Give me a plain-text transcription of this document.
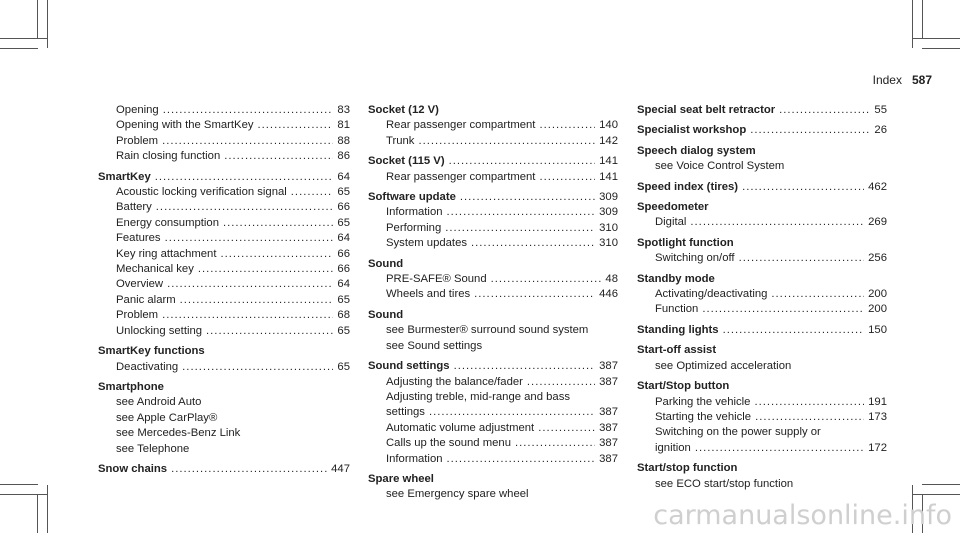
Index 587
Opening .....	83
Opening with the SmartKey .....	81
Problem .....	88
Rain closing function .....	86
SmartKey .....	64
Acoustic locking verification signal .....	65
Battery .....	66
Energy consumption .....	65
Features .....	64
Key ring attachment .....	66
Mechanical key .....	66
Overview .....	64
Panic alarm .....	65
Problem .....	68
Unlocking setting .....	65
SmartKey functions
Deactivating .....	65
Smartphone
see Android Auto
see Apple CarPlay®
see Mercedes-Benz Link
see Telephone
Snow chains .....	447
Socket (12 V)
Rear passenger compartment .....	140
Trunk .....	142
Socket (115 V) .....	141
Rear passenger compartment .....	141
Software update .....	309
Information .....	309
Performing .....	310
System updates .....	310
Sound
PRE-SAFE® Sound .....	48
Wheels and tires .....	446
Sound
see Burmester® surround sound system
see Sound settings
Sound settings .....	387
Adjusting the balance/fader .....	387
Adjusting treble, mid-range and bass
settings .....	387
Automatic volume adjustment .....	387
Calls up the sound menu .....	387
Information .....	387
Spare wheel
see Emergency spare wheel
Special seat belt retractor .....	55
Specialist workshop .....	26
Speech dialog system
see Voice Control System
Speed index (tires) .....	462
Speedometer
Digital .....	269
Spotlight function
Switching on/off .....	256
Standby mode
Activating/deactivating .....	200
Function .....	200
Standing lights .....	150
Start-off assist
see Optimized acceleration
Start/Stop button
Parking the vehicle .....	191
Starting the vehicle .....	173
Switching on the power supply or
ignition .....	172
Start/stop function
see ECO start/stop function
carmanualsonline.info
